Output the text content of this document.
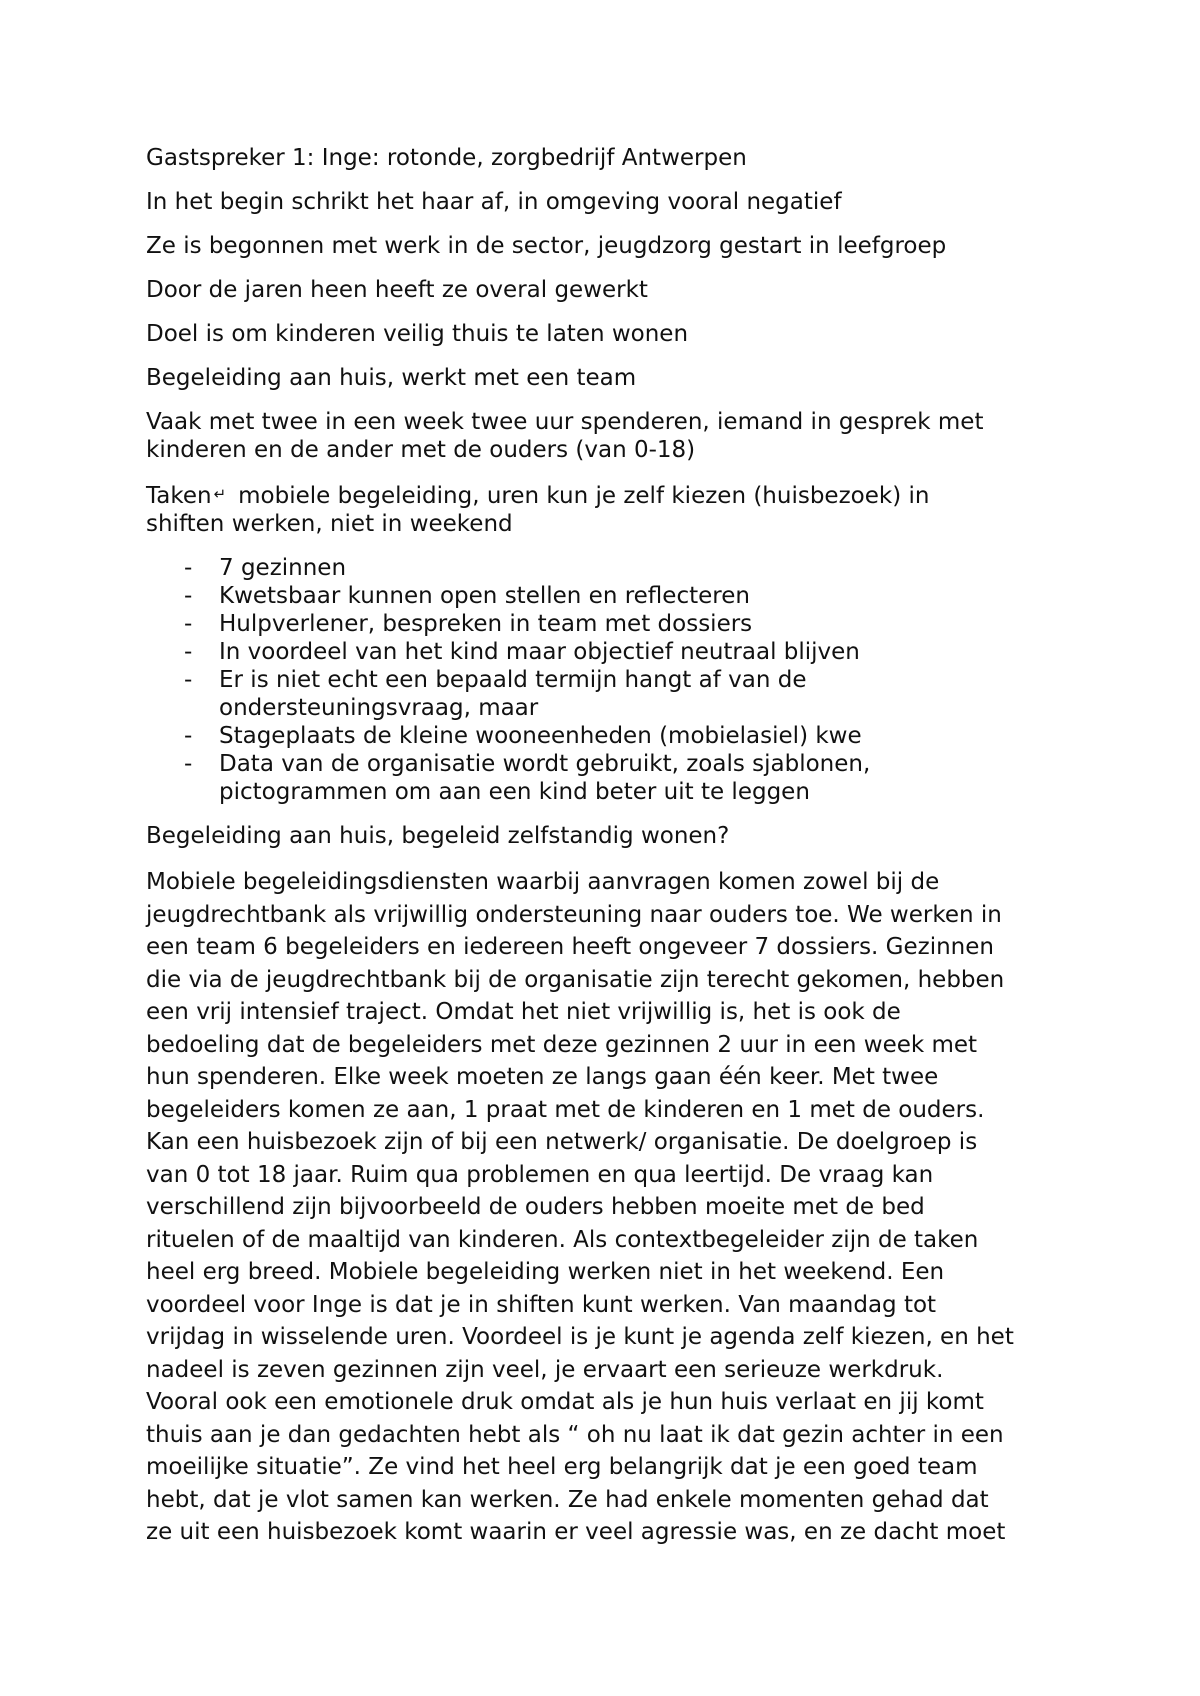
Gastspreker 1: Inge: rotonde, zorgbedrijf Antwerpen

In het begin schrikt het haar af, in omgeving vooral negatief

Ze is begonnen met werk in de sector, jeugdzorg gestart in leefgroep

Door de jaren heen heeft ze overal gewerkt

Doel is om kinderen veilig thuis te laten wonen

Begeleiding aan huis, werkt met een team

Vaak met twee in een week twee uur spenderen, iemand in gesprek met
kinderen en de ander met de ouders (van 0-18)

Taken ↵ mobiele begeleiding, uren kun je zelf kiezen (huisbezoek) in
shiften werken, niet in weekend

- 7 gezinnen
- Kwetsbaar kunnen open stellen en reflecteren
- Hulpverlener, bespreken in team met dossiers
- In voordeel van het kind maar objectief neutraal blijven
- Er is niet echt een bepaald termijn hangt af van de
ondersteuningsvraag, maar
- Stageplaats de kleine wooneenheden (mobielasiel) kwe
- Data van de organisatie wordt gebruikt, zoals sjablonen,
pictogrammen om aan een kind beter uit te leggen

Begeleiding aan huis, begeleid zelfstandig wonen?

Mobiele begeleidingsdiensten waarbij aanvragen komen zowel bij de
jeugdrechtbank als vrijwillig ondersteuning naar ouders toe. We werken in
een team 6 begeleiders en iedereen heeft ongeveer 7 dossiers. Gezinnen
die via de jeugdrechtbank bij de organisatie zijn terecht gekomen, hebben
een vrij intensief traject. Omdat het niet vrijwillig is, het is ook de
bedoeling dat de begeleiders met deze gezinnen 2 uur in een week met
hun spenderen. Elke week moeten ze langs gaan één keer. Met twee
begeleiders komen ze aan, 1 praat met de kinderen en 1 met de ouders.
Kan een huisbezoek zijn of bij een netwerk/ organisatie. De doelgroep is
van 0 tot 18 jaar. Ruim qua problemen en qua leertijd. De vraag kan
verschillend zijn bijvoorbeeld de ouders hebben moeite met de bed
rituelen of de maaltijd van kinderen. Als contextbegeleider zijn de taken
heel erg breed. Mobiele begeleiding werken niet in het weekend. Een
voordeel voor Inge is dat je in shiften kunt werken. Van maandag tot
vrijdag in wisselende uren. Voordeel is je kunt je agenda zelf kiezen, en het
nadeel is zeven gezinnen zijn veel, je ervaart een serieuze werkdruk.
Vooral ook een emotionele druk omdat als je hun huis verlaat en jij komt
thuis aan je dan gedachten hebt als “ oh nu laat ik dat gezin achter in een
moeilijke situatie”. Ze vind het heel erg belangrijk dat je een goed team
hebt, dat je vlot samen kan werken. Ze had enkele momenten gehad dat
ze uit een huisbezoek komt waarin er veel agressie was, en ze dacht moet
